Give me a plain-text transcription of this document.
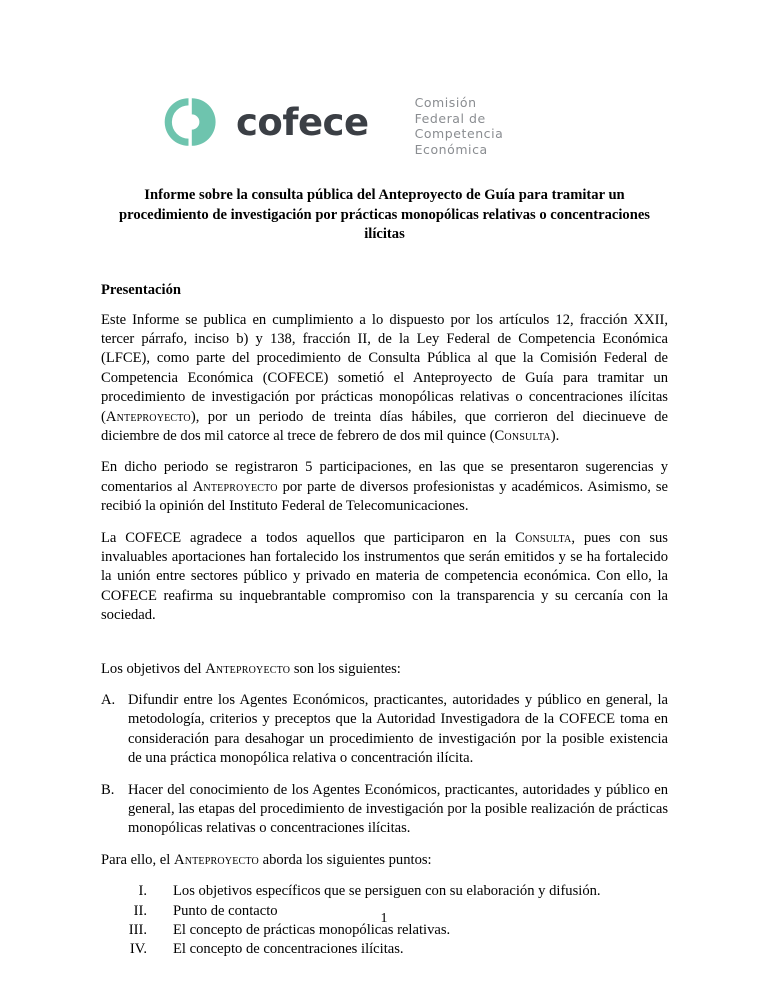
cofece	Comisión
Federal de
Competencia
Económica
Informe sobre la consulta pública del Anteproyecto de Guía para tramitar un procedimiento de investigación por prácticas monopólicas relativas o concentraciones ilícitas
Presentación

Este Informe se publica en cumplimiento a lo dispuesto por los artículos 12, fracción XXII, tercer párrafo, inciso b) y 138, fracción II, de la Ley Federal de Competencia Económica (LFCE), como parte del procedimiento de Consulta Pública al que la Comisión Federal de Competencia Económica (COFECE) sometió el Anteproyecto de Guía para tramitar un procedimiento de investigación por prácticas monopólicas relativas o concentraciones ilícitas (Anteproyecto), por un periodo de treinta días hábiles, que corrieron del diecinueve de diciembre de dos mil catorce al trece de febrero de dos mil quince (Consulta).

En dicho periodo se registraron 5 participaciones, en las que se presentaron sugerencias y comentarios al Anteproyecto por parte de diversos profesionistas y académicos. Asimismo, se recibió la opinión del Instituto Federal de Telecomunicaciones.

La COFECE agradece a todos aquellos que participaron en la Consulta, pues con sus invaluables aportaciones han fortalecido los instrumentos que serán emitidos y se ha fortalecido la unión entre sectores público y privado en materia de competencia económica. Con ello, la COFECE reafirma su inquebrantable compromiso con la transparencia y su cercanía con la sociedad.

Los objetivos del Anteproyecto son los siguientes:

A. Difundir entre los Agentes Económicos, practicantes, autoridades y público en general, la metodología, criterios y preceptos que la Autoridad Investigadora de la COFECE toma en consideración para desahogar un procedimiento de investigación por la posible existencia de una práctica monopólica relativa o concentración ilícita.
B. Hacer del conocimiento de los Agentes Económicos, practicantes, autoridades y público en general, las etapas del procedimiento de investigación por la posible realización de prácticas monopólicas relativas o concentraciones ilícitas.

Para ello, el Anteproyecto aborda los siguientes puntos:

I. Los objetivos específicos que se persiguen con su elaboración y difusión.
II. Punto de contacto
III. El concepto de prácticas monopólicas relativas.
IV. El concepto de concentraciones ilícitas.
1
